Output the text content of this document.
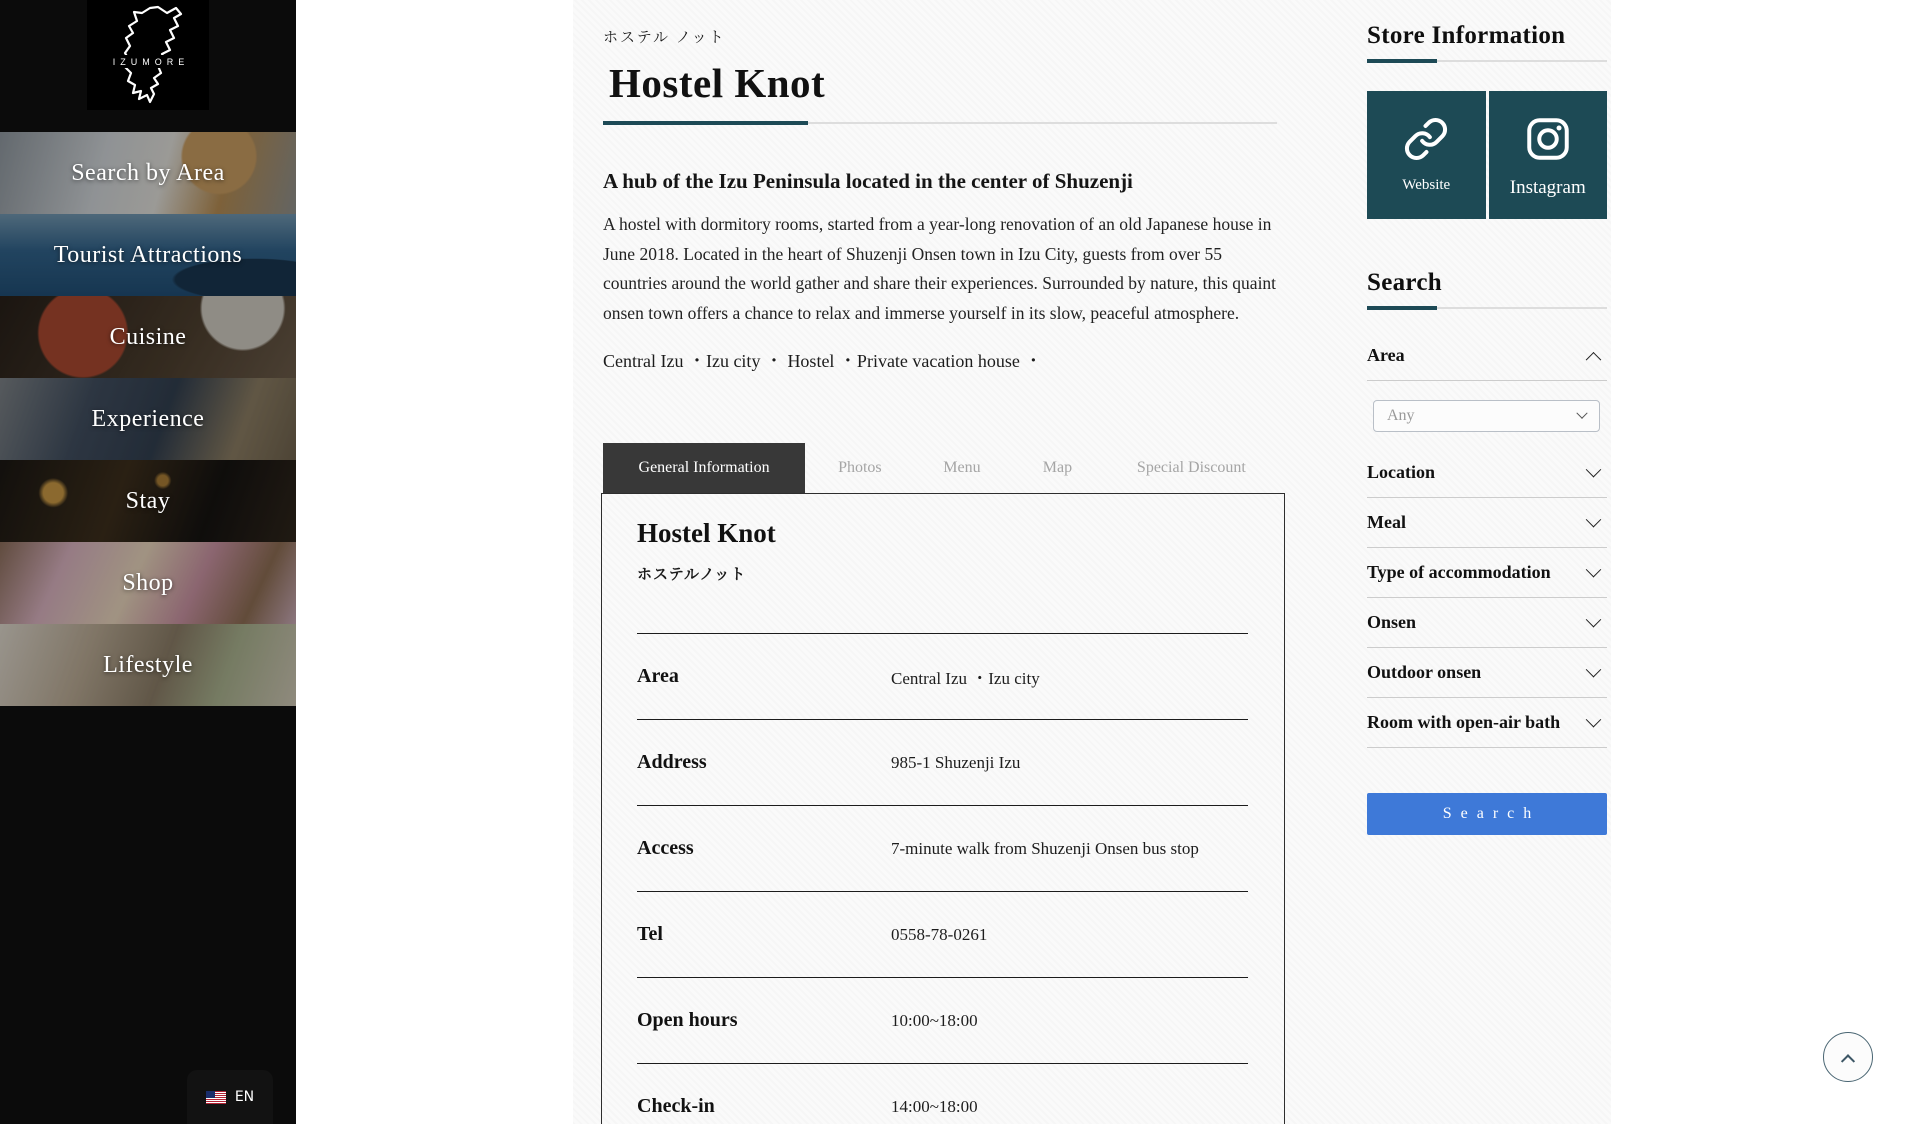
IZUMORE
Search by Area
Tourist Attractions
Cuisine
Experience
Stay
Shop
Lifestyle
EN
ホステル ノット
Hostel Knot
A hub of the Izu Peninsula located in the center of Shuzenji

A hostel with dormitory rooms, started from a year-long renovation of an old Japanese house in June 2018. Located in the heart of Shuzenji Onsen town in Izu City, guests from over 55 countries around the world gather and share their experiences. Surrounded by nature, this quaint onsen town offers a chance to relax and immerse yourself in its slow, peaceful atmosphere.

Central Izu ・Izu city ・ Hostel ・Private vacation house ・
General Information	Photos	Menu	Map	Special Discount
Hostel Knot
ホステルノット
Area	Central Izu ・Izu city
Address	985-1 Shuzenji Izu
Access	7-minute walk from Shuzenji Onsen bus stop
Tel	0558-78-0261
Open hours	10:00~18:00
Check-in	14:00~18:00
Store Information
Website	Instagram
Search
Area
Any
Location
Meal
Type of accommodation
Onsen
Outdoor onsen
Room with open-air bath
Search
